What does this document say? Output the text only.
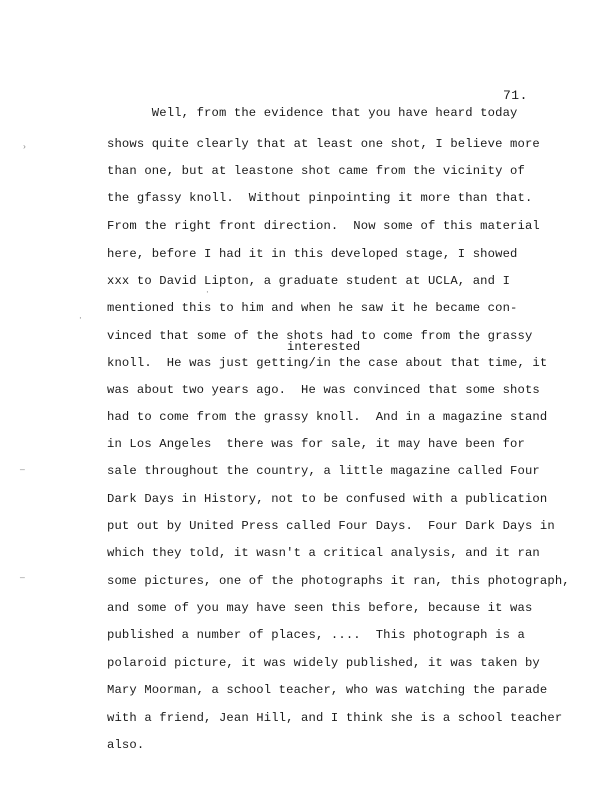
71.
Well, from the evidence that you have heard today
shows quite clearly that at least one shot, I believe more
than one, but at leastone shot came from the vicinity of
the gfassy knoll.  Without pinpointing it more than that.
From the right front direction.  Now some of this material
here, before I had it in this developed stage, I showed
xxx to David Lipton, a graduate student at UCLA, and I
mentioned this to him and when he saw it he became con-
vinced that some of the shots had to come from the grassy
interested
knoll.  He was just getting/in the case about that time, it
was about two years ago.  He was convinced that some shots
had to come from the grassy knoll.  And in a magazine stand
in Los Angeles  there was for sale, it may have been for
sale throughout the country, a little magazine called Four
Dark Days in History, not to be confused with a publication
put out by United Press called Four Days.  Four Dark Days in
which they told, it wasn't a critical analysis, and it ran
some pictures, one of the photographs it ran, this photograph,
and some of you may have seen this before, because it was
published a number of places, ....  This photograph is a
polaroid picture, it was widely published, it was taken by
Mary Moorman, a school teacher, who was watching the parade
with a friend, Jean Hill, and I think she is a school teacher
also.
›
·
·
—
—
